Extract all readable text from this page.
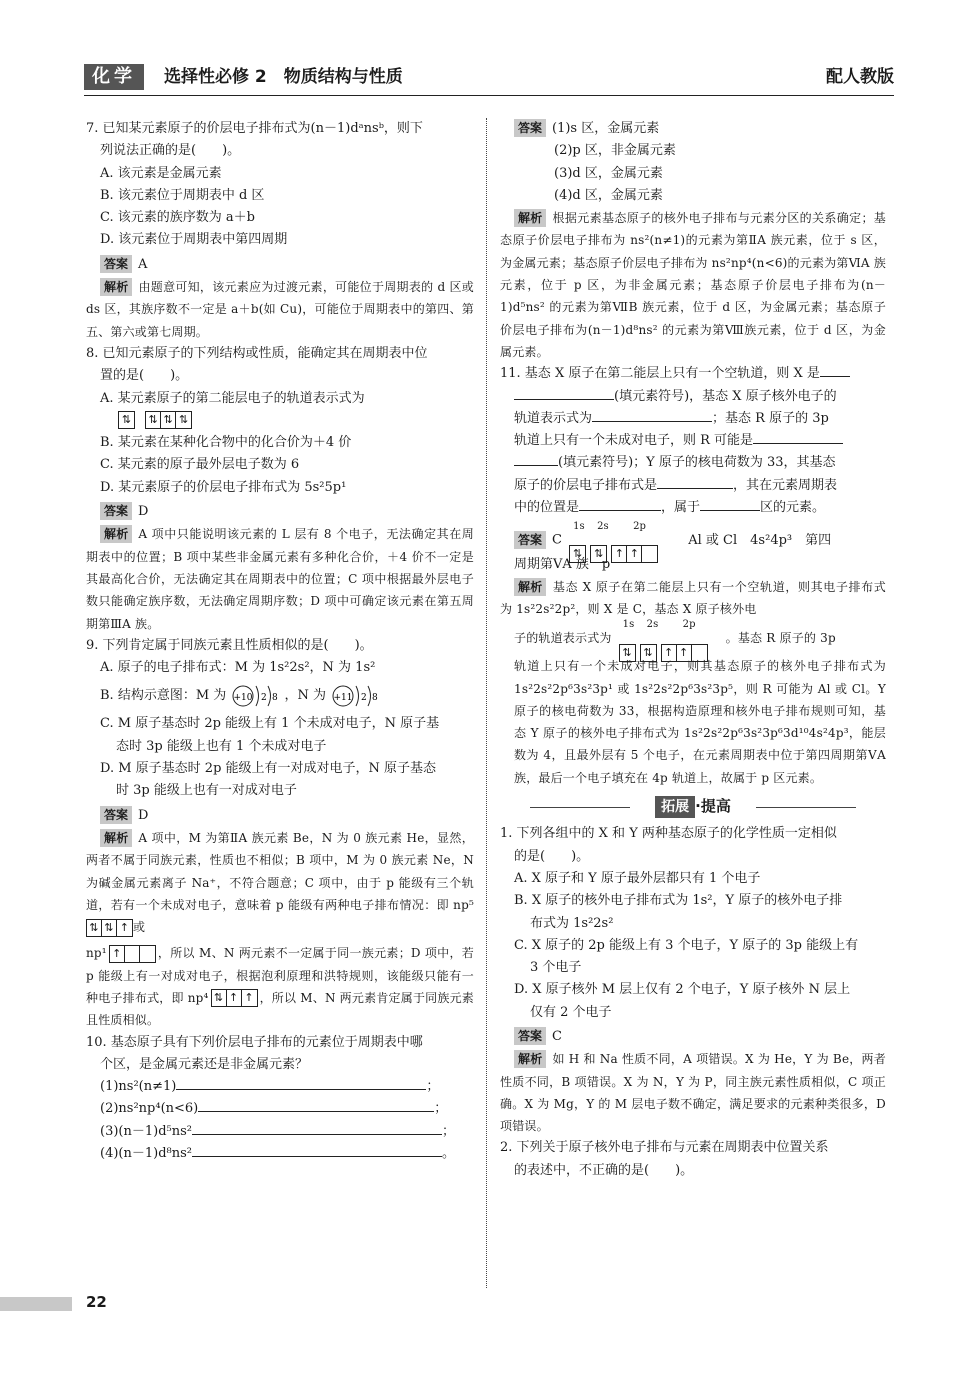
化学	选择性必修 2　物质结构与性质	配人教版
7. 已知某元素原子的价层电子排布式为(n－1)dᵃnsᵇ，则下
列说法正确的是(　　)。
A. 该元素是金属元素
B. 该元素位于周期表中 d 区
C. 该元素的族序数为 a＋b
D. 该元素位于周期表中第四周期
答案 A
解析 由题意可知，该元素应为过渡元素，可能位于周期表的 d 区或 ds 区，其族序数不一定是 a＋b(如 Cu)，可能位于周期表中的第四、第五、第六或第七周期。
8. 已知元素原子的下列结构或性质，能确定其在周期表中位
置的是(　　)。
A. 某元素原子的第二能层电子的轨道表示式为
⇅ ⇅ ⇅ ⇅
B. 某元素在某种化合物中的化合价为＋4 价
C. 某元素的原子最外层电子数为 6
D. 某元素原子的价层电子排布式为 5s²5p¹
答案 D
解析 A 项中只能说明该元素的 L 层有 8 个电子，无法确定其在周期表中的位置；B 项中某些非金属元素有多种化合价，＋4 价不一定是其最高化合价，无法确定其在周期表中的位置；C 项中根据最外层电子数只能确定族序数，无法确定周期序数；D 项中可确定该元素在第五周期第ⅢA 族。
9. 下列肯定属于同族元素且性质相似的是(　　)。
A. 原子的电子排布式：M 为 1s²2s²，N 为 1s²
B. 结构示意图：M 为 +10 2 8 ，N 为 +11 2 8
C. M 原子基态时 2p 能级上有 1 个未成对电子，N 原子基
态时 3p 能级上也有 1 个未成对电子
D. M 原子基态时 2p 能级上有一对成对电子，N 原子基态
时 3p 能级上也有一对成对电子
答案 D
解析 A 项中，M 为第ⅡA 族元素 Be，N 为 0 族元素 He，显然，两者不属于同族元素，性质也不相似；B 项中，M 为 0 族元素 Ne，N 为碱金属元素离子 Na⁺，不符合题意；C 项中，由于 p 能级有三个轨道，若有一个未成对电子，意味着 p 能级有两种电子排布情况：即 np⁵⇅ ⇅ ↑ 或
np¹ ↑	，所以 M、N 两元素不一定属于同一族元素；D 项中，若 p 能级上有一对成对电子，根据泡利原理和洪特规则，该能级只能有一种电子排布式，即 np⁴ ⇅ ↑ ↑ ，所以 M、N 两元素肯定属于同族元素且性质相似。
10. 基态原子具有下列价层电子排布的元素位于周期表中哪
个区，是金属元素还是非金属元素？
(1)ns²(n≠1)	；
(2)ns²np⁴(n<6)	；
(3)(n－1)d⁵ns²	；
(4)(n－1)d⁸ns²	。
答案 (1)s 区，金属元素
(2)p 区，非金属元素
(3)d 区，金属元素
(4)d 区，金属元素
解析 根据元素基态原子的核外电子排布与元素分区的关系确定；基态原子价层电子排布为 ns²(n≠1)的元素为第ⅡA 族元素，位于 s 区，为金属元素；基态原子价层电子排布为 ns²np⁴(n<6)的元素为第ⅥA 族元素，位于 p 区，为非金属元素；基态原子价层电子排布为(n－1)d⁵ns² 的元素为第ⅦB 族元素，位于 d 区，为金属元素；基态原子价层电子排布为(n－1)d⁸ns² 的元素为第Ⅷ族元素，位于 d 区，为金属元素。
11. 基态 X 原子在第二能层上只有一个空轨道，则 X 是
(填元素符号)，基态 X 原子核外电子的
轨道表示式为	；基态 R 原子的 3p
轨道上只有一个未成对电子，则 R 可能是
(填元素符号)；Y 原子的核电荷数为 33，其基态
原子的价层电子排布式是	，其在元素周期表
中的位置是	，属于	区的元素。
答案 C
1s 2s 2p
⇅ ⇅ ↑ ↑
Al 或 Cl　4s²4p³　第四
周期第ⅤA 族　p
解析 基态 X 原子在第二能层上只有一个空轨道，则其电子排布式为 1s²2s²2p²，则 X 是 C，基态 X 原子核外电
子的轨道表示式为
1s 2s 2p
⇅ ⇅ ↑ ↑
。基态 R 原子的 3p
轨道上只有一个未成对电子，则其基态原子的核外电子排布式为 1s²2s²2p⁶3s²3p¹ 或 1s²2s²2p⁶3s²3p⁵，则 R 可能为 Al 或 Cl。Y 原子的核电荷数为 33，根据构造原理和核外电子排布规则可知，基态 Y 原子的核外电子排布式为 1s²2s²2p⁶3s²3p⁶3d¹⁰4s²4p³，能层数为 4，且最外层有 5 个电子，在元素周期表中位于第四周期第ⅤA 族，最后一个电子填充在 4p 轨道上，故属于 p 区元素。
拓展 ·提高
1. 下列各组中的 X 和 Y 两种基态原子的化学性质一定相似
的是(　　)。
A. X 原子和 Y 原子最外层都只有 1 个电子
B. X 原子的核外电子排布式为 1s²，Y 原子的核外电子排
布式为 1s²2s²
C. X 原子的 2p 能级上有 3 个电子，Y 原子的 3p 能级上有
3 个电子
D. X 原子核外 M 层上仅有 2 个电子，Y 原子核外 N 层上
仅有 2 个电子
答案 C
解析 如 H 和 Na 性质不同，A 项错误。X 为 He，Y 为 Be，两者性质不同，B 项错误。X 为 N，Y 为 P，同主族元素性质相似，C 项正确。X 为 Mg，Y 的 M 层电子数不确定，满足要求的元素种类很多，D 项错误。
2. 下列关于原子核外电子排布与元素在周期表中位置关系
的表述中，不正确的是(　　)。
22
